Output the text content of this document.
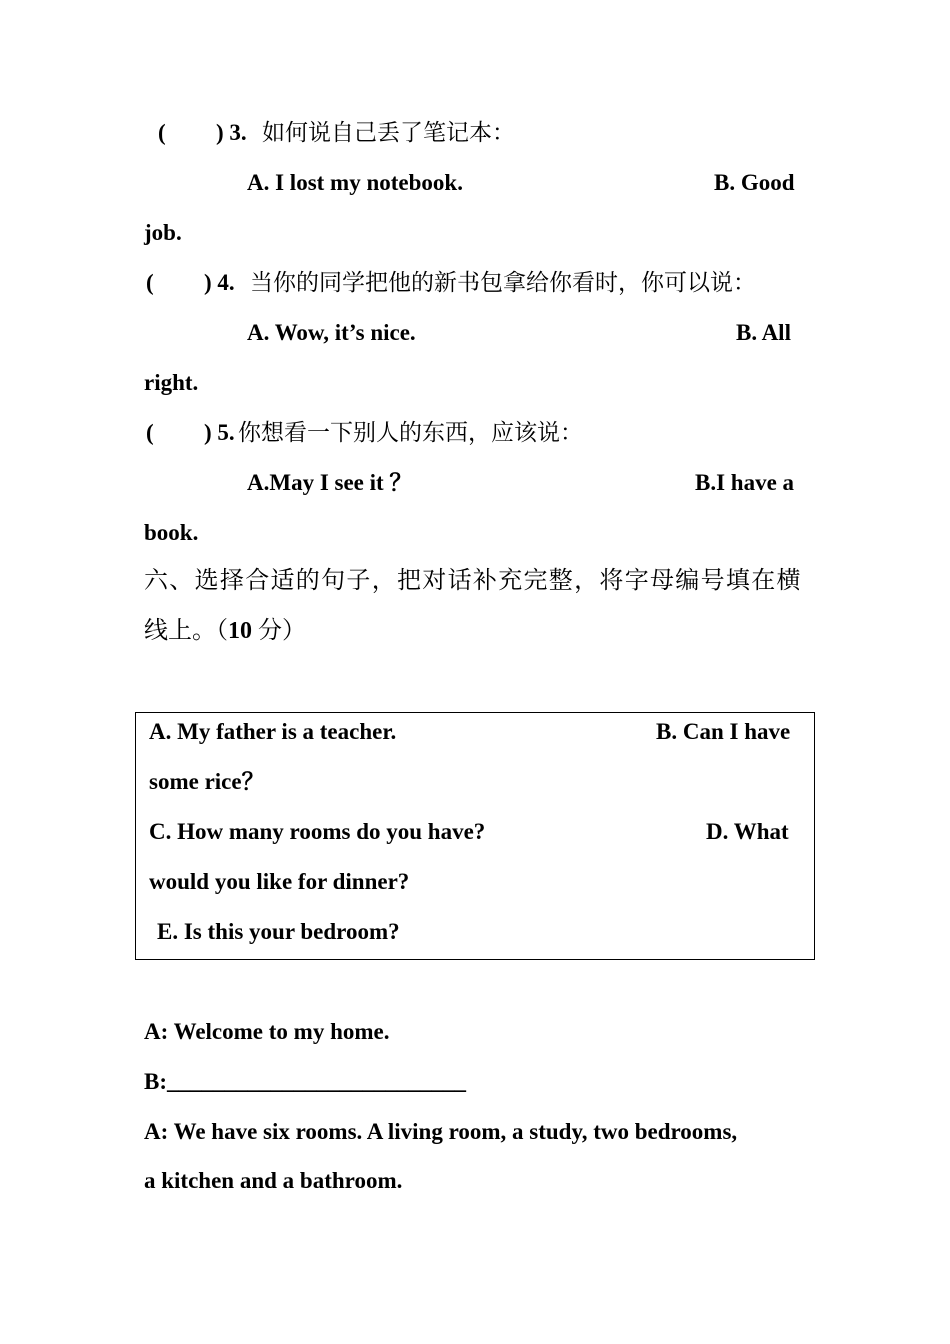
( ) 3. 如何说自己丢了笔记本：
A. I lost my notebook.	B. Good
job.
( ) 4. 当你的同学把他的新书包拿给你看时，你可以说：
A. Wow, it’s nice.	B. All
right.
( ) 5. 你想看一下别人的东西，应该说：
A.May I see it ？	B.I have a
book.
六、选择合适的句子，把对话补充完整，将字母编号填在横
线上。（10 分）
A. My father is a teacher.	B. Can I have
some rice？
C. How many rooms do you have?	D. What
would you like for dinner?
E. Is this your bedroom?
A: Welcome to my home.
B:__________________________
A: We have six rooms. A living room, a study, two bedrooms,
a kitchen and a bathroom.
